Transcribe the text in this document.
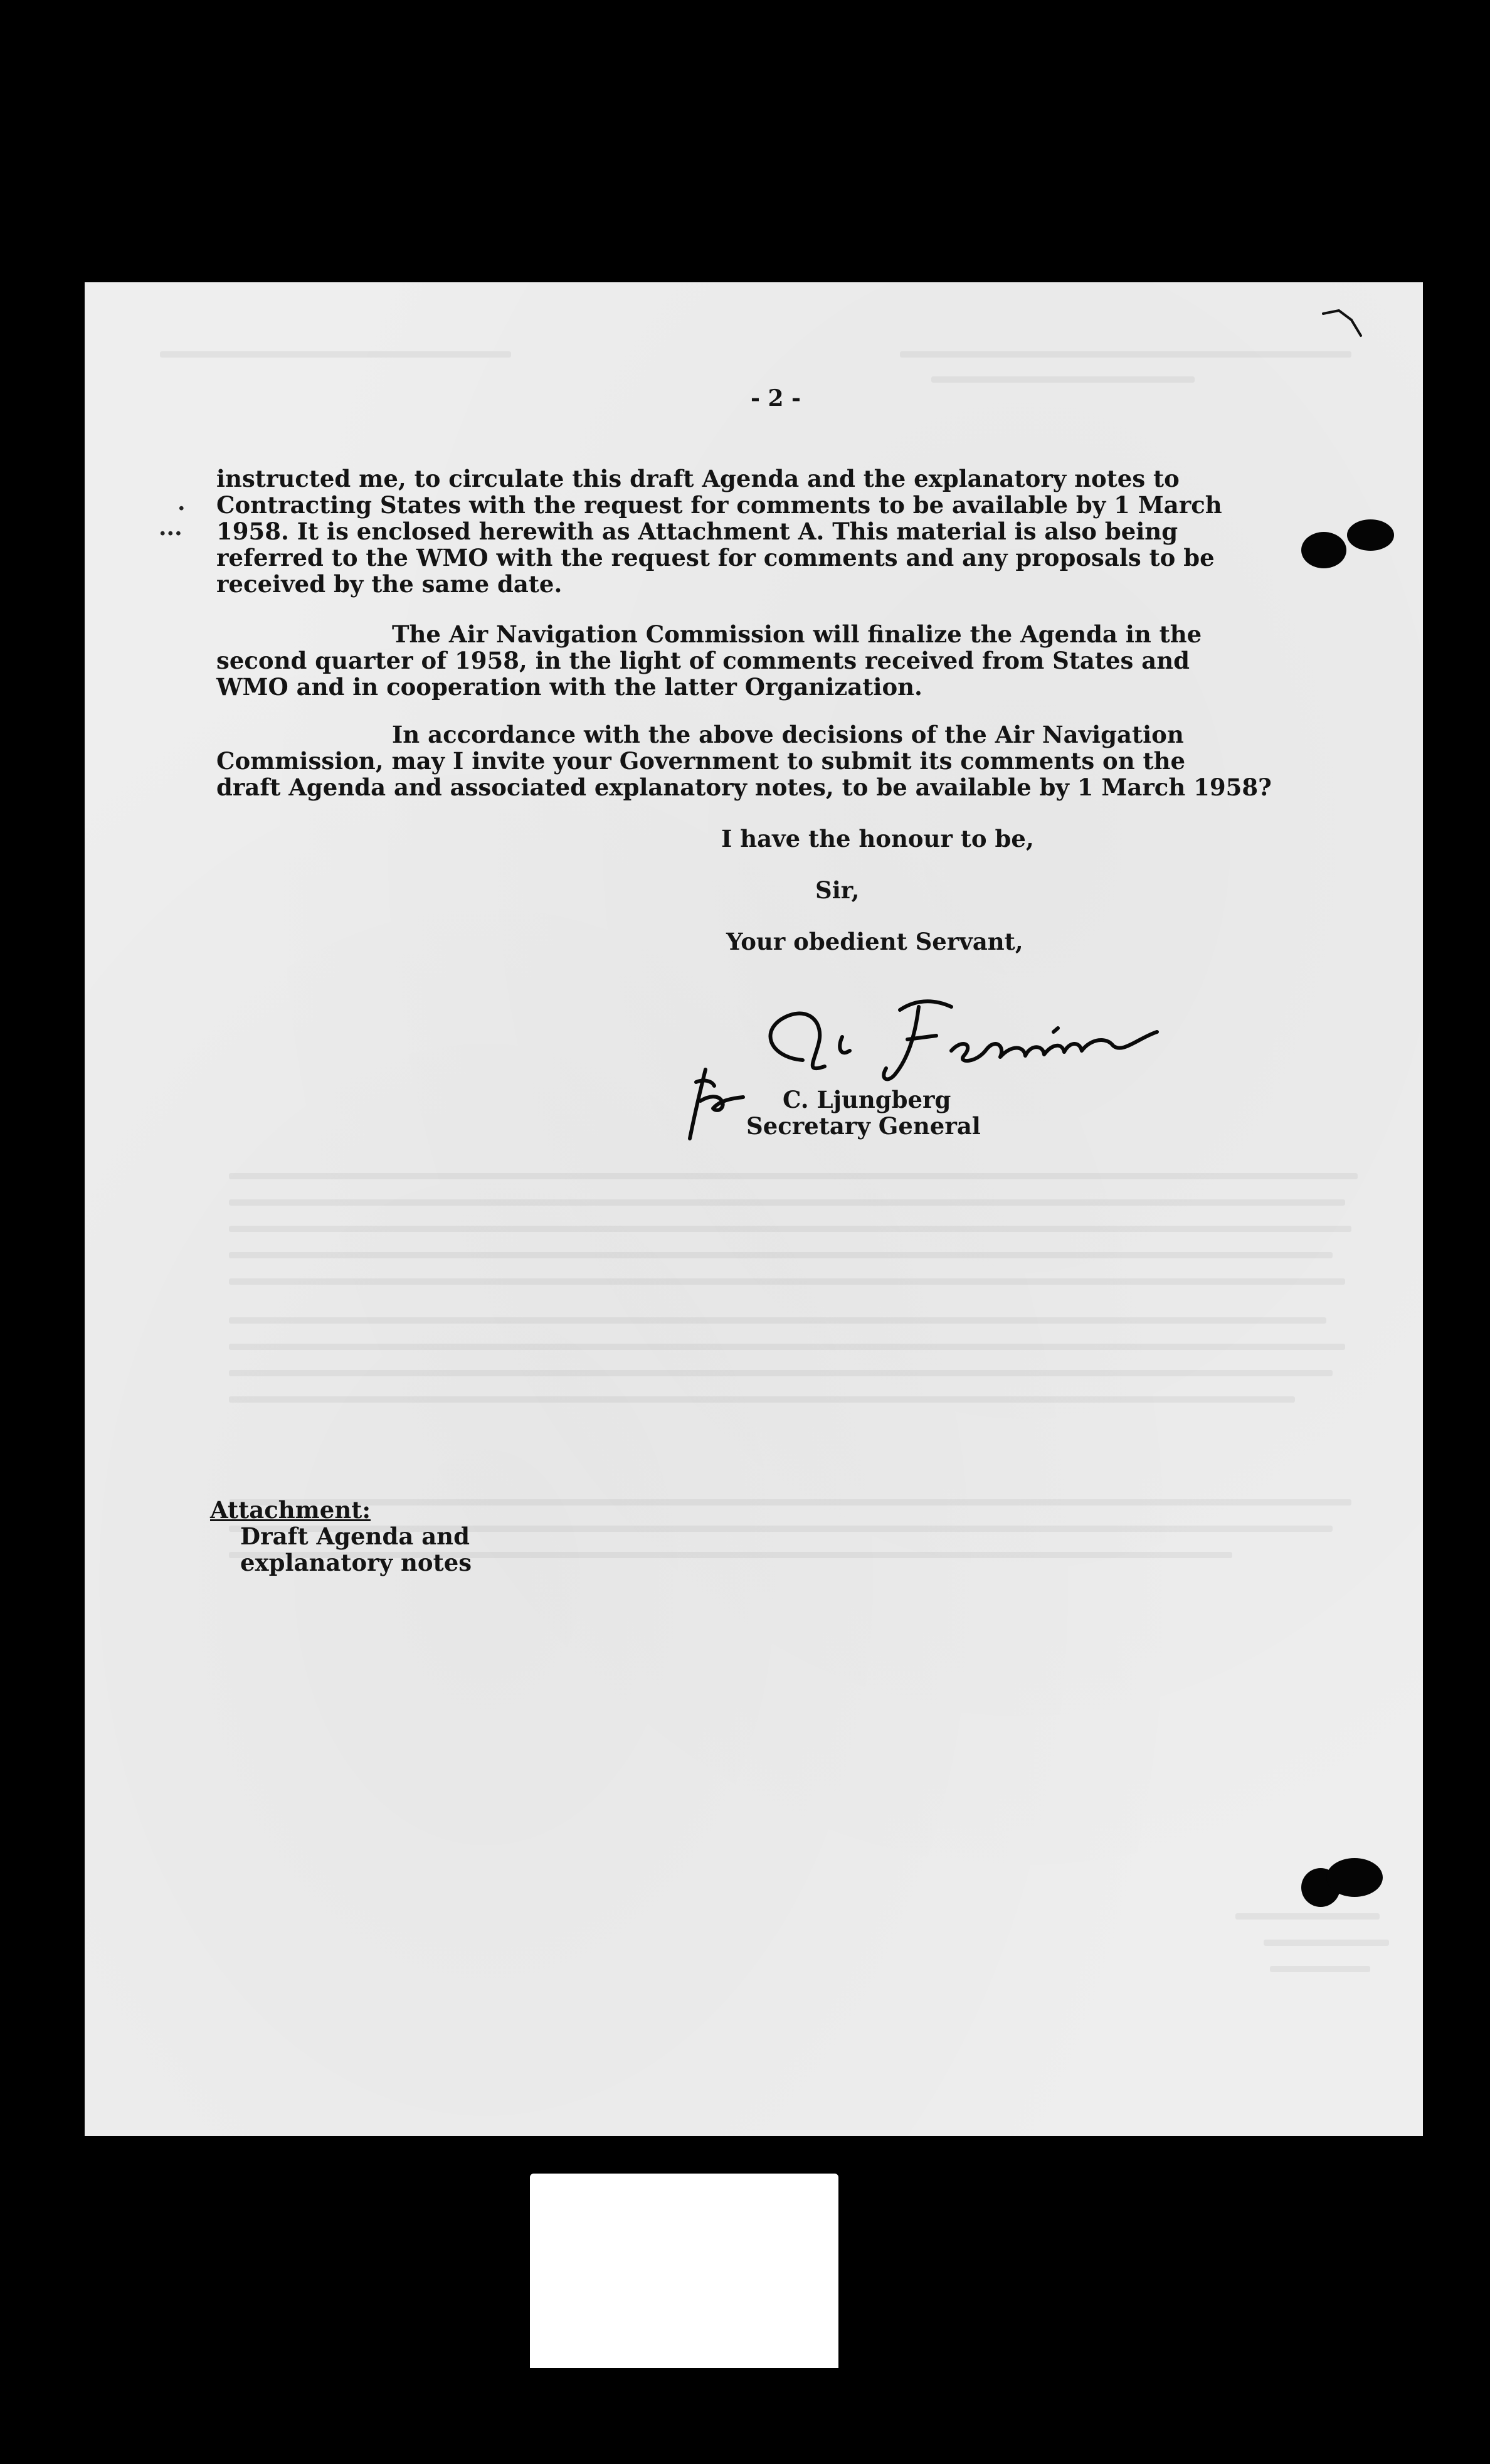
- 2 -
instructed me, to circulate this draft Agenda and the explanatory notes to
Contracting States with the request for comments to be available by 1 March
1958. It is enclosed herewith as Attachment A. This material is also being
referred to the WMO with the request for comments and any proposals to be
received by the same date.
.
...
The Air Navigation Commission will finalize the Agenda in the
second quarter of 1958, in the light of comments received from States and
WMO and in cooperation with the latter Organization.
In accordance with the above decisions of the Air Navigation
Commission, may I invite your Government to submit its comments on the
draft Agenda and associated explanatory notes, to be available by 1 March 1958?
I have the honour to be,
Sir,
Your obedient Servant,
C. Ljungberg
Secretary General
Attachment:
Draft Agenda and
explanatory notes
